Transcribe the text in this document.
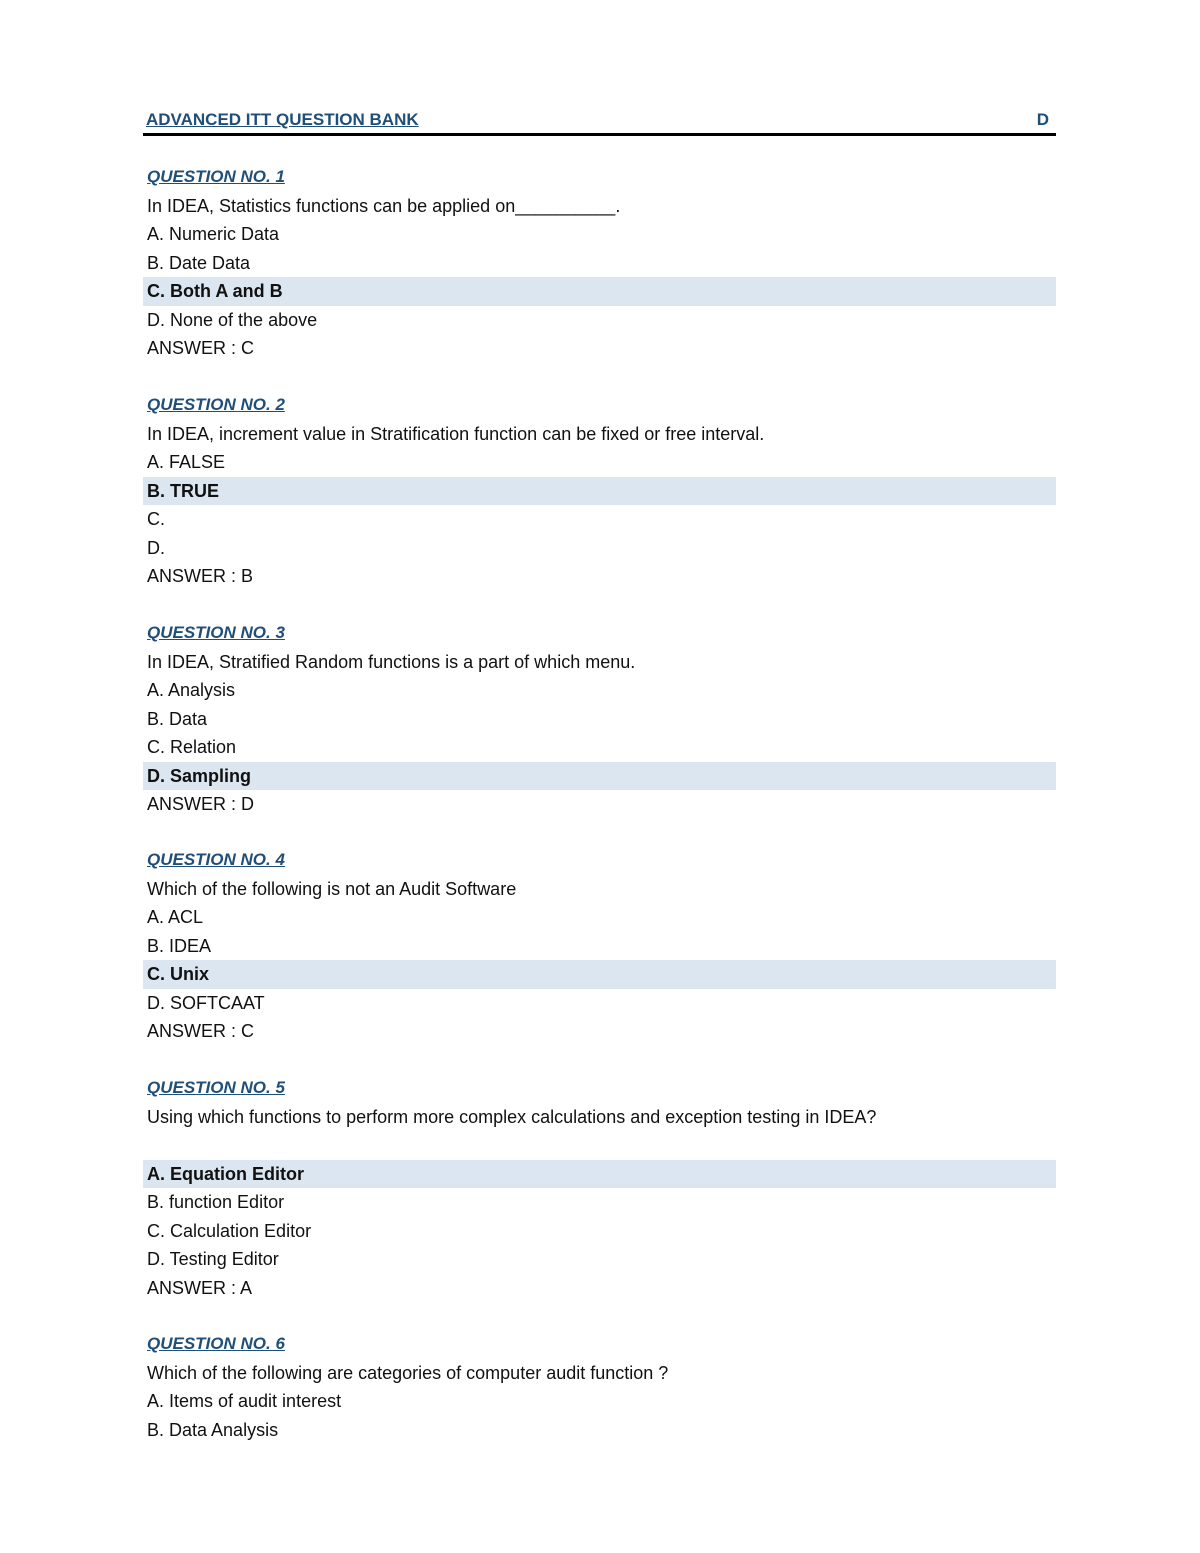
ADVANCED ITT QUESTION BANK	D
QUESTION NO. 1
In IDEA, Statistics functions can be applied on__________.
A. Numeric Data
B. Date Data
C. Both A and B
D. None of the above
ANSWER : C
QUESTION NO. 2
In IDEA, increment value in Stratification function can be fixed or free interval.
A. FALSE
B. TRUE
C.
D.
ANSWER : B
QUESTION NO. 3
In IDEA, Stratified Random functions is a part of which menu.
A. Analysis
B. Data
C. Relation
D. Sampling
ANSWER : D
QUESTION NO. 4
Which of the following is not an Audit Software
A. ACL
B. IDEA
C. Unix
D. SOFTCAAT
ANSWER : C
QUESTION NO. 5
Using which functions to perform more complex calculations and exception testing in IDEA?
A. Equation Editor
B. function Editor
C. Calculation Editor
D. Testing Editor
ANSWER : A
QUESTION NO. 6
Which of the following are categories of computer audit function ?
A. Items of audit interest
B. Data Analysis
